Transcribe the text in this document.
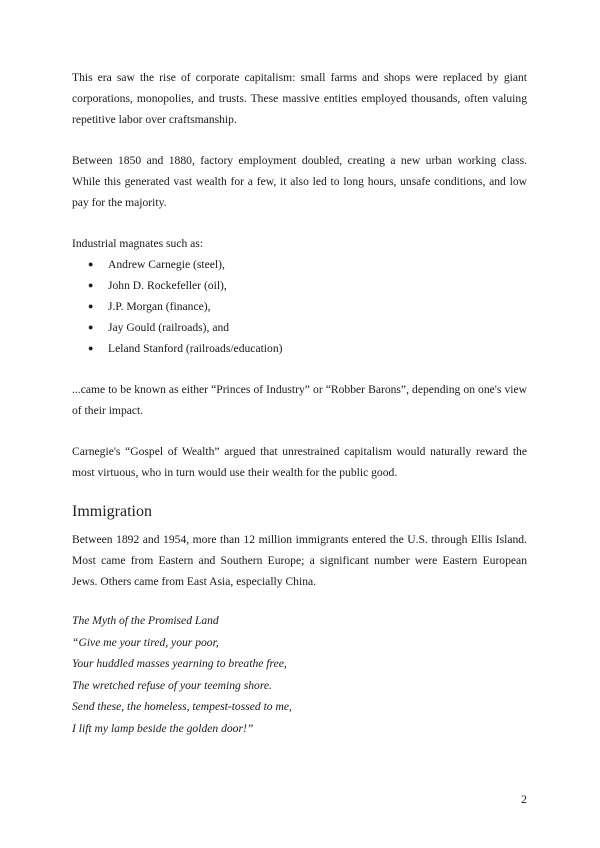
This era saw the rise of corporate capitalism: small farms and shops were replaced by giant corporations, monopolies, and trusts. These massive entities employed thousands, often valuing repetitive labor over craftsmanship.

Between 1850 and 1880, factory employment doubled, creating a new urban working class. While this generated vast wealth for a few, it also led to long hours, unsafe conditions, and low pay for the majority.

Industrial magnates such as:

● Andrew Carnegie (steel),
● John D. Rockefeller (oil),
● J.P. Morgan (finance),
● Jay Gould (railroads), and
● Leland Stanford (railroads/education)

...came to be known as either “Princes of Industry” or “Robber Barons”, depending on one's view of their impact.

Carnegie's “Gospel of Wealth” argued that unrestrained capitalism would naturally reward the most virtuous, who in turn would use their wealth for the public good.

Immigration

Between 1892 and 1954, more than 12 million immigrants entered the U.S. through Ellis Island. Most came from Eastern and Southern Europe; a significant number were Eastern European Jews. Others came from East Asia, especially China.

The Myth of the Promised Land
“Give me your tired, your poor,
Your huddled masses yearning to breathe free,
The wretched refuse of your teeming shore.
Send these, the homeless, tempest-tossed to me,
I lift my lamp beside the golden door!”
2
